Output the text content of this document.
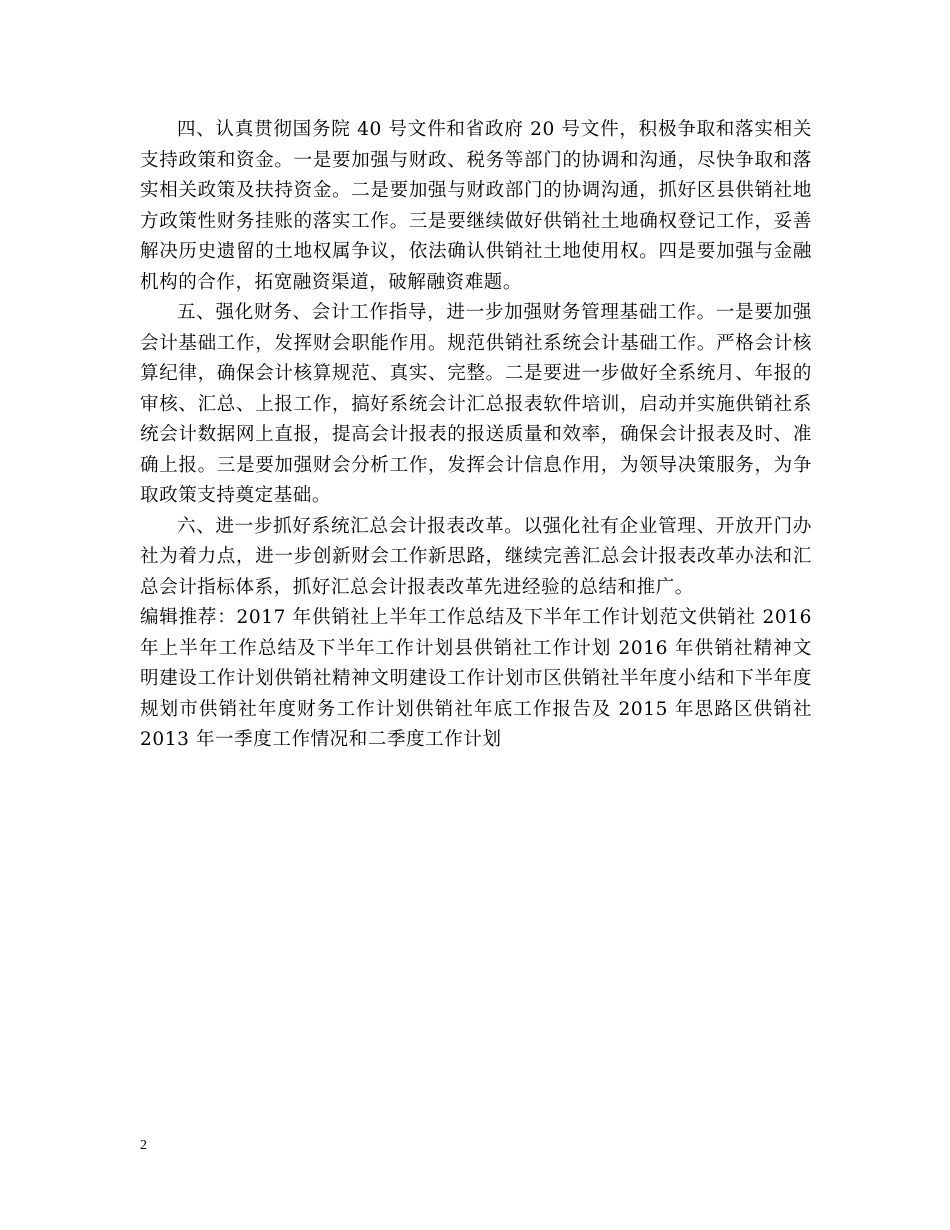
四、认真贯彻国务院 40 号文件和省政府 20 号文件，积极争取和落实相关支持政策和资金。一是要加强与财政、税务等部门的协调和沟通，尽快争取和落实相关政策及扶持资金。二是要加强与财政部门的协调沟通，抓好区县供销社地方政策性财务挂账的落实工作。三是要继续做好供销社土地确权登记工作，妥善解决历史遗留的土地权属争议，依法确认供销社土地使用权。四是要加强与金融机构的合作，拓宽融资渠道，破解融资难题。

五、强化财务、会计工作指导，进一步加强财务管理基础工作。一是要加强会计基础工作，发挥财会职能作用。规范供销社系统会计基础工作。严格会计核算纪律，确保会计核算规范、真实、完整。二是要进一步做好全系统月、年报的审核、汇总、上报工作，搞好系统会计汇总报表软件培训，启动并实施供销社系统会计数据网上直报，提高会计报表的报送质量和效率，确保会计报表及时、准确上报。三是要加强财会分析工作，发挥会计信息作用，为领导决策服务，为争取政策支持奠定基础。

六、进一步抓好系统汇总会计报表改革。以强化社有企业管理、开放开门办社为着力点，进一步创新财会工作新思路，继续完善汇总会计报表改革办法和汇总会计指标体系，抓好汇总会计报表改革先进经验的总结和推广。

编辑推荐：2017 年供销社上半年工作总结及下半年工作计划范文供销社 2016 年上半年工作总结及下半年工作计划县供销社工作计划 2016 年供销社精神文明建设工作计划供销社精神文明建设工作计划市区供销社半年度小结和下半年度规划市供销社年度财务工作计划供销社年底工作报告及 2015 年思路区供销社 2013 年一季度工作情况和二季度工作计划

2
